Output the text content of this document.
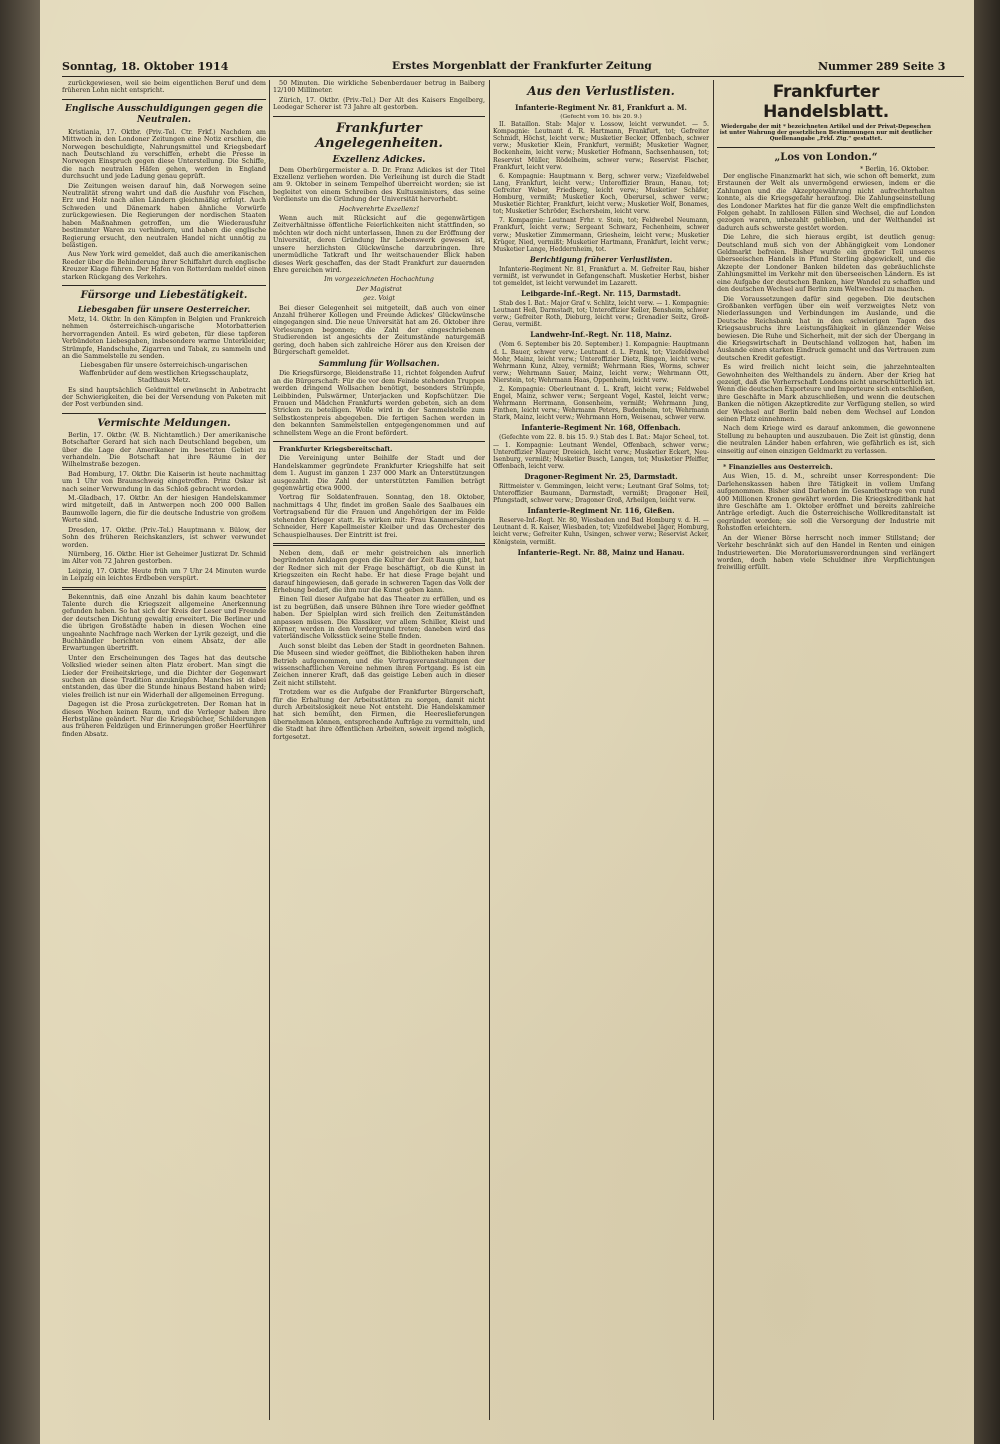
Sonntag, 18. Oktober 1914	Erstes Morgenblatt der Frankfurter Zeitung	Nummer 289 Seite 3

zurückgewiesen, weil sie beim eigentlichen Beruf und dem früheren Lohn nicht entspricht.

Englische Ausschuldigungen gegen die Neutralen.

Kristiania, 17. Oktbr. (Priv.-Tel. Ctr. Frkf.) Nachdem am Mittwoch in den Londoner Zeitungen eine Notiz erschien, die Norwegen beschuldigte, Nahrungsmittel und Kriegsbedarf nach Deutschland zu verschiffen, erhebt die Presse in Norwegen Einspruch gegen diese Unterstellung. Die Schiffe, die nach neutralen Häfen gehen, werden in England durchsucht und jede Ladung genau geprüft.

Die Zeitungen weisen darauf hin, daß Norwegen seine Neutralität streng wahrt und daß die Ausfuhr von Fischen, Erz und Holz nach allen Ländern gleichmäßig erfolgt. Auch Schweden und Dänemark haben ähnliche Vorwürfe zurückgewiesen. Die Regierungen der nordischen Staaten haben Maßnahmen getroffen, um die Wiederausfuhr bestimmter Waren zu verhindern, und haben die englische Regierung ersucht, den neutralen Handel nicht unnötig zu belästigen.

Aus New York wird gemeldet, daß auch die amerikanischen Reeder über die Behinderung ihrer Schiffahrt durch englische Kreuzer Klage führen. Der Hafen von Rotterdam meldet einen starken Rückgang des Verkehrs.

Fürsorge und Liebestätigkeit.
Liebesgaben für unsere Oesterreicher.

Metz, 14. Oktbr. In den Kämpfen in Belgien und Frankreich nehmen österreichisch-ungarische Motorbatterien hervorragenden Anteil. Es wird gebeten, für diese tapferen Verbündeten Liebesgaben, insbesondere warme Unterkleider, Strümpfe, Handschuhe, Zigarren und Tabak, zu sammeln und an die Sammelstelle zu senden.

Liebesgaben für unsere österreichisch-ungarischen Waffenbrüder auf dem westlichen Kriegsschauplatz, Stadthaus Metz.

Es sind hauptsächlich Geldmittel erwünscht in Anbetracht der Schwierigkeiten, die bei der Versendung von Paketen mit der Post verbunden sind.

Vermischte Meldungen.

Berlin, 17. Oktbr. (W. B. Nichtamtlich.) Der amerikanische Botschafter Gerard hat sich nach Deutschland begeben, um über die Lage der Amerikaner im besetzten Gebiet zu verhandeln. Die Botschaft hat ihre Räume in der Wilhelmstraße bezogen.

Bad Homburg, 17. Oktbr. Die Kaiserin ist heute nachmittag um 1 Uhr von Braunschweig eingetroffen. Prinz Oskar ist nach seiner Verwundung in das Schloß gebracht worden.

M.-Gladbach, 17. Oktbr. An der hiesigen Handelskammer wird mitgeteilt, daß in Antwerpen noch 200 000 Ballen Baumwolle lagern, die für die deutsche Industrie von großem Werte sind.

Dresden, 17. Oktbr. (Priv.-Tel.) Hauptmann v. Bülow, der Sohn des früheren Reichskanzlers, ist schwer verwundet worden.

Nürnberg, 16. Oktbr. Hier ist Geheimer Justizrat Dr. Schmid im Alter von 72 Jahren gestorben.

Leipzig, 17. Oktbr. Heute früh um 7 Uhr 24 Minuten wurde in Leipzig ein leichtes Erdbeben verspürt.

Bekenntnis, daß eine Anzahl bis dahin kaum beachteter Talente durch die Kriegszeit allgemeine Anerkennung gefunden haben. So hat sich der Kreis der Leser und Freunde der deutschen Dichtung gewaltig erweitert. Die Berliner und die übrigen Großstädte haben in diesen Wochen eine ungeahnte Nachfrage nach Werken der Lyrik gezeigt, und die Buchhändler berichten von einem Absatz, der alle Erwartungen übertrifft.

Unter den Erscheinungen des Tages hat das deutsche Volkslied wieder seinen alten Platz erobert. Man singt die Lieder der Freiheitskriege, und die Dichter der Gegenwart suchen an diese Tradition anzuknüpfen. Manches ist dabei entstanden, das über die Stunde hinaus Bestand haben wird; vieles freilich ist nur ein Widerhall der allgemeinen Erregung.

Dagegen ist die Prosa zurückgetreten. Der Roman hat in diesen Wochen keinen Raum, und die Verleger haben ihre Herbstpläne geändert. Nur die Kriegsbücher, Schilderungen aus früheren Feldzügen und Erinnerungen großer Heerführer finden Absatz.

50 Minuten. Die wirkliche Sebenberdauer betrug in Baiberg 12/100 Millimeter.

Zürich, 17. Oktbr. (Priv.-Tel.) Der Alt des Kaisers Engelberg, Leodegar Scherer ist 73 Jahre alt gestorben.

Frankfurter Angelegenheiten.
Exzellenz Adickes.

Dem Oberbürgermeister a. D. Dr. Franz Adickes ist der Titel Exzellenz verliehen worden. Die Verleihung ist durch die Stadt am 9. Oktober in seinem Tempelhof überreicht worden; sie ist begleitet von einem Schreiben des Kultusministers, das seine Verdienste um die Gründung der Universität hervorhebt.

Hochverehrte Exzellenz!

Wenn auch mit Rücksicht auf die gegenwärtigen Zeitverhältnisse öffentliche Feierlichkeiten nicht stattfinden, so möchten wir doch nicht unterlassen, Ihnen zu der Eröffnung der Universität, deren Gründung Ihr Lebenswerk gewesen ist, unsere herzlichsten Glückwünsche darzubringen. Ihre unermüdliche Tatkraft und Ihr weitschauender Blick haben dieses Werk geschaffen, das der Stadt Frankfurt zur dauernden Ehre gereichen wird.

Im vorgezeichneten Hochachtung

Der Magistrat
gez. Voigt

Bei dieser Gelegenheit sei mitgeteilt, daß auch von einer Anzahl früherer Kollegen und Freunde Adickes' Glückwünsche eingegangen sind. Die neue Universität hat am 26. Oktober ihre Vorlesungen begonnen; die Zahl der eingeschriebenen Studierenden ist angesichts der Zeitumstände naturgemäß gering, doch haben sich zahlreiche Hörer aus den Kreisen der Bürgerschaft gemeldet.

Sammlung für Wollsachen.

Die Kriegsfürsorge, Bleidenstraße 11, richtet folgenden Aufruf an die Bürgerschaft: Für die vor dem Feinde stehenden Truppen werden dringend Wollsachen benötigt, besonders Strümpfe, Leibbinden, Pulswärmer, Unterjacken und Kopfschützer. Die Frauen und Mädchen Frankfurts werden gebeten, sich an dem Stricken zu beteiligen. Wolle wird in der Sammelstelle zum Selbstkostenpreis abgegeben. Die fertigen Sachen werden in den bekannten Sammelstellen entgegengenommen und auf schnellstem Wege an die Front befördert.

Frankfurter Kriegsbereitschaft.

Die Vereinigung unter Beihilfe der Stadt und der Handelskammer gegründete Frankfurter Kriegshilfe hat seit dem 1. August im ganzen 1 237 000 Mark an Unterstützungen ausgezahlt. Die Zahl der unterstützten Familien beträgt gegenwärtig etwa 9000.

Vortrag für Soldatenfrauen. Sonntag, den 18. Oktober, nachmittags 4 Uhr, findet im großen Saale des Saalbaues ein Vortragsabend für die Frauen und Angehörigen der im Felde stehenden Krieger statt. Es wirken mit: Frau Kammersängerin Schneider, Herr Kapellmeister Kleiber und das Orchester des Schauspielhauses. Der Eintritt ist frei.

Neben dem, daß er mehr geistreichen als innerlich begründeten Anklagen gegen die Kultur der Zeit Raum gibt, hat der Redner sich mit der Frage beschäftigt, ob die Kunst in Kriegszeiten ein Recht habe. Er hat diese Frage bejaht und darauf hingewiesen, daß gerade in schweren Tagen das Volk der Erhebung bedarf, die ihm nur die Kunst geben kann.

Einen Teil dieser Aufgabe hat das Theater zu erfüllen, und es ist zu begrüßen, daß unsere Bühnen ihre Tore wieder geöffnet haben. Der Spielplan wird sich freilich den Zeitumständen anpassen müssen. Die Klassiker, vor allem Schiller, Kleist und Körner, werden in den Vordergrund treten; daneben wird das vaterländische Volksstück seine Stelle finden.

Auch sonst bleibt das Leben der Stadt in geordneten Bahnen. Die Museen sind wieder geöffnet, die Bibliotheken haben ihren Betrieb aufgenommen, und die Vortragsveranstaltungen der wissenschaftlichen Vereine nehmen ihren Fortgang. Es ist ein Zeichen innerer Kraft, daß das geistige Leben auch in dieser Zeit nicht stillsteht.

Trotzdem war es die Aufgabe der Frankfurter Bürgerschaft, für die Erhaltung der Arbeitsstätten zu sorgen, damit nicht durch Arbeitslosigkeit neue Not entsteht. Die Handelskammer hat sich bemüht, den Firmen, die Heereslieferungen übernehmen können, entsprechende Aufträge zu vermitteln, und die Stadt hat ihre öffentlichen Arbeiten, soweit irgend möglich, fortgesetzt.

Aus den Verlustlisten.
Infanterie-Regiment Nr. 81, Frankfurt a. M.
(Gefecht vom 10. bis 20. 9.)

II. Bataillon. Stab: Major v. Lossow, leicht verwundet. — 5. Kompagnie: Leutnant d. R. Hartmann, Frankfurt, tot; Gefreiter Schmidt, Höchst, leicht verw.; Musketier Becker, Offenbach, schwer verw.; Musketier Klein, Frankfurt, vermißt; Musketier Wagner, Bockenheim, leicht verw.; Musketier Hofmann, Sachsenhausen, tot; Reservist Müller, Rödelheim, schwer verw.; Reservist Fischer, Frankfurt, leicht verw.

6. Kompagnie: Hauptmann v. Berg, schwer verw.; Vizefeldwebel Lang, Frankfurt, leicht verw.; Unteroffizier Braun, Hanau, tot; Gefreiter Weber, Friedberg, leicht verw.; Musketier Schäfer, Homburg, vermißt; Musketier Koch, Oberursel, schwer verw.; Musketier Richter, Frankfurt, leicht verw.; Musketier Wolf, Bonames, tot; Musketier Schröder, Eschersheim, leicht verw.

7. Kompagnie: Leutnant Frhr. v. Stein, tot; Feldwebel Neumann, Frankfurt, leicht verw.; Sergeant Schwarz, Fechenheim, schwer verw.; Musketier Zimmermann, Griesheim, leicht verw.; Musketier Krüger, Nied, vermißt; Musketier Hartmann, Frankfurt, leicht verw.; Musketier Lange, Heddernheim, tot.

Berichtigung früherer Verlustlisten.

Infanterie-Regiment Nr. 81, Frankfurt a. M. Gefreiter Rau, bisher vermißt, ist verwundet in Gefangenschaft. Musketier Herbst, bisher tot gemeldet, ist leicht verwundet im Lazarett.

Leibgarde-Inf.-Regt. Nr. 115, Darmstadt.

Stab des I. Bat.: Major Graf v. Schlitz, leicht verw. — 1. Kompagnie: Leutnant Heß, Darmstadt, tot; Unteroffizier Keller, Bensheim, schwer verw.; Gefreiter Roth, Dieburg, leicht verw.; Grenadier Seitz, Groß-Gerau, vermißt.

Landwehr-Inf.-Regt. Nr. 118, Mainz.

(Vom 6. September bis 20. September.) 1. Kompagnie: Hauptmann d. L. Bauer, schwer verw.; Leutnant d. L. Frank, tot; Vizefeldwebel Mohr, Mainz, leicht verw.; Unteroffizier Dietz, Bingen, leicht verw.; Wehrmann Kunz, Alzey, vermißt; Wehrmann Ries, Worms, schwer verw.; Wehrmann Sauer, Mainz, leicht verw.; Wehrmann Ott, Nierstein, tot; Wehrmann Haas, Oppenheim, leicht verw.

2. Kompagnie: Oberleutnant d. L. Kraft, leicht verw.; Feldwebel Engel, Mainz, schwer verw.; Sergeant Vogel, Kastel, leicht verw.; Wehrmann Herrmann, Gonsenheim, vermißt; Wehrmann Jung, Finthen, leicht verw.; Wehrmann Peters, Budenheim, tot; Wehrmann Stark, Mainz, leicht verw.; Wehrmann Horn, Weisenau, schwer verw.

Infanterie-Regiment Nr. 168, Offenbach.

(Gefechte vom 22. 8. bis 15. 9.) Stab des I. Bat.: Major Scheel, tot. — 1. Kompagnie: Leutnant Wendel, Offenbach, schwer verw.; Unteroffizier Maurer, Dreieich, leicht verw.; Musketier Eckert, Neu-Isenburg, vermißt; Musketier Busch, Langen, tot; Musketier Pfeiffer, Offenbach, leicht verw.

Dragoner-Regiment Nr. 25, Darmstadt.

Rittmeister v. Gemmingen, leicht verw.; Leutnant Graf Solms, tot; Unteroffizier Baumann, Darmstadt, vermißt; Dragoner Heil, Pfungstadt, schwer verw.; Dragoner Groß, Arheilgen, leicht verw.

Infanterie-Regiment Nr. 116, Gießen.

Reserve-Inf.-Regt. Nr. 80, Wiesbaden und Bad Homburg v. d. H. — Leutnant d. R. Kaiser, Wiesbaden, tot; Vizefeldwebel Jäger, Homburg, leicht verw.; Gefreiter Kuhn, Usingen, schwer verw.; Reservist Acker, Königstein, vermißt.

Infanterie-Regt. Nr. 88, Mainz und Hanau.
Frankfurter Handelsblatt.
Wiedergabe der mit * bezeichneten Artikel und der Privat-Depeschen ist unter Wahrung der gesetzlichen Bestimmungen nur mit deutlicher Quellenangabe „Frkf. Ztg.“ gestattet.
„Los von London.“
* Berlin, 16. Oktober.

Der englische Finanzmarkt hat sich, wie schon oft bemerkt, zum Erstaunen der Welt als unvermögend erwiesen, indem er die Zahlungen und die Akzeptgewährung nicht aufrechterhalten konnte, als die Kriegsgefahr heraufzog. Die Zahlungseinstellung des Londoner Marktes hat für die ganze Welt die empfindlichsten Folgen gehabt. In zahllosen Fällen sind Wechsel, die auf London gezogen waren, unbezahlt geblieben, und der Welthandel ist dadurch aufs schwerste gestört worden.

Die Lehre, die sich hieraus ergibt, ist deutlich genug: Deutschland muß sich von der Abhängigkeit vom Londoner Geldmarkt befreien. Bisher wurde ein großer Teil unseres überseeischen Handels in Pfund Sterling abgewickelt, und die Akzepte der Londoner Banken bildeten das gebräuchlichste Zahlungsmittel im Verkehr mit den überseeischen Ländern. Es ist eine Aufgabe der deutschen Banken, hier Wandel zu schaffen und den deutschen Wechsel auf Berlin zum Weltwechsel zu machen.

Die Voraussetzungen dafür sind gegeben. Die deutschen Großbanken verfügen über ein weit verzweigtes Netz von Niederlassungen und Verbindungen im Auslande, und die Deutsche Reichsbank hat in den schwierigen Tagen des Kriegsausbruchs ihre Leistungsfähigkeit in glänzender Weise bewiesen. Die Ruhe und Sicherheit, mit der sich der Übergang in die Kriegswirtschaft in Deutschland vollzogen hat, haben im Auslande einen starken Eindruck gemacht und das Vertrauen zum deutschen Kredit gefestigt.

Es wird freilich nicht leicht sein, die jahrzehntealten Gewohnheiten des Welthandels zu ändern. Aber der Krieg hat gezeigt, daß die Vorherrschaft Londons nicht unerschütterlich ist. Wenn die deutschen Exporteure und Importeure sich entschließen, ihre Geschäfte in Mark abzuschließen, und wenn die deutschen Banken die nötigen Akzeptkredite zur Verfügung stellen, so wird der Wechsel auf Berlin bald neben dem Wechsel auf London seinen Platz einnehmen.

Nach dem Kriege wird es darauf ankommen, die gewonnene Stellung zu behaupten und auszubauen. Die Zeit ist günstig, denn die neutralen Länder haben erfahren, wie gefährlich es ist, sich einseitig auf einen einzigen Geldmarkt zu verlassen.

* Finanzielles aus Oesterreich.

Aus Wien, 15. d. M., schreibt unser Korrespondent: Die Darlehenskassen haben ihre Tätigkeit in vollem Umfang aufgenommen. Bisher sind Darlehen im Gesamtbetrage von rund 400 Millionen Kronen gewährt worden. Die Kriegskreditbank hat ihre Geschäfte am 1. Oktober eröffnet und bereits zahlreiche Anträge erledigt. Auch die Österreichische Wollkreditanstalt ist gegründet worden; sie soll die Versorgung der Industrie mit Rohstoffen erleichtern.

An der Wiener Börse herrscht noch immer Stillstand; der Verkehr beschränkt sich auf den Handel in Renten und einigen Industriewerten. Die Moratoriumsverordnungen sind verlängert worden, doch haben viele Schuldner ihre Verpflichtungen freiwillig erfüllt.
